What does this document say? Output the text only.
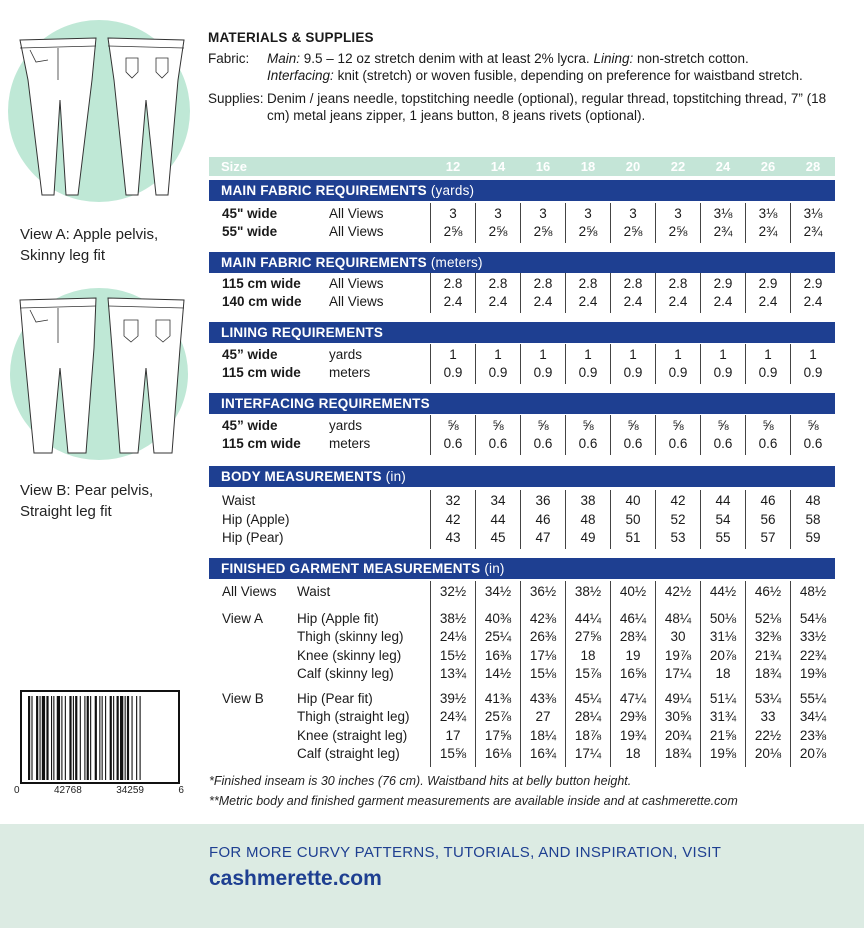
View A: Apple pelvis,
Skinny leg fit
View B: Pear pelvis,
Straight leg fit
0	42768	34259	6
MATERIALS & SUPPLIES
Fabric:	Main: 9.5 – 12 oz stretch denim with at least 2% lycra. Lining: non-stretch cotton.
Interfacing: knit (stretch) or woven fusible, depending on preference for waistband stretch.
Supplies: Denim / jeans needle, topstitching needle (optional), regular thread, topstitching thread, 7” (18 cm) metal jeans zipper, 1 jeans button, 8 jeans rivets (optional).
Size	12	14	16	18	20	22	24	26	28
MAIN FABRIC REQUIREMENTS (yards)
MAIN FABRIC REQUIREMENTS (meters)
LINING REQUIREMENTS
INTERFACING REQUIREMENTS
BODY MEASUREMENTS (in)
FINISHED GARMENT MEASUREMENTS (in)
45" wide	All Views	3	3	3	3	3	3	3⅛	3⅛	3⅛
55" wide	All Views	2⅝	2⅝	2⅝	2⅝	2⅝	2⅝	2¾	2¾	2¾
115 cm wide All Views	2.8	2.8	2.8	2.8	2.8	2.8	2.9	2.9	2.9
140 cm wide All Views	2.4	2.4	2.4	2.4	2.4	2.4	2.4	2.4	2.4
45” wide	yards	1	1	1	1	1	1	1	1	1
115 cm wide meters	0.9	0.9	0.9	0.9	0.9	0.9	0.9	0.9	0.9
45” wide	yards	⅝	⅝	⅝	⅝	⅝	⅝	⅝	⅝	⅝
115 cm wide meters	0.6	0.6	0.6	0.6	0.6	0.6	0.6	0.6	0.6
Waist	32	34	36	38	40	42	44	46	48
Hip (Apple)	42	44	46	48	50	52	54	56	58
Hip (Pear)	43	45	47	49	51	53	55	57	59
All Views Waist	32½	34½	36½	38½	40½	42½	44½	46½	48½
View A	Hip (Apple fit)	38½	40⅜	42⅜	44¼	46¼	48¼	50⅛	52⅛	54⅛
Thigh (skinny leg)	24⅛	25¼	26⅜	27⅝	28¾	30	31⅛	32⅜	33½
Knee (skinny leg)	15½	16⅜	17⅛	18	19	19⅞	20⅞	21¾	22¾
Calf (skinny leg)	13¾	14½	15⅛	15⅞	16⅝	17¼	18	18¾	19⅜
View B Hip (Pear fit)	39½	41⅜	43⅜	45¼	47¼	49¼	51¼	53¼	55¼
Thigh (straight leg)	24¾	25⅞	27	28¼	29⅜	30⅝	31¾	33	34¼
Knee (straight leg)	17	17⅝	18¼	18⅞	19¾	20¾	21⅝	22½	23⅜
Calf (straight leg)	15⅝	16⅛	16¾	17¼	18	18¾	19⅝	20⅛	20⅞
*Finished inseam is 30 inches (76 cm). Waistband hits at belly button height.
**Metric body and finished garment measurements are available inside and at cashmerette.com
FOR MORE CURVY PATTERNS, TUTORIALS, AND INSPIRATION, VISIT
cashmerette.com
